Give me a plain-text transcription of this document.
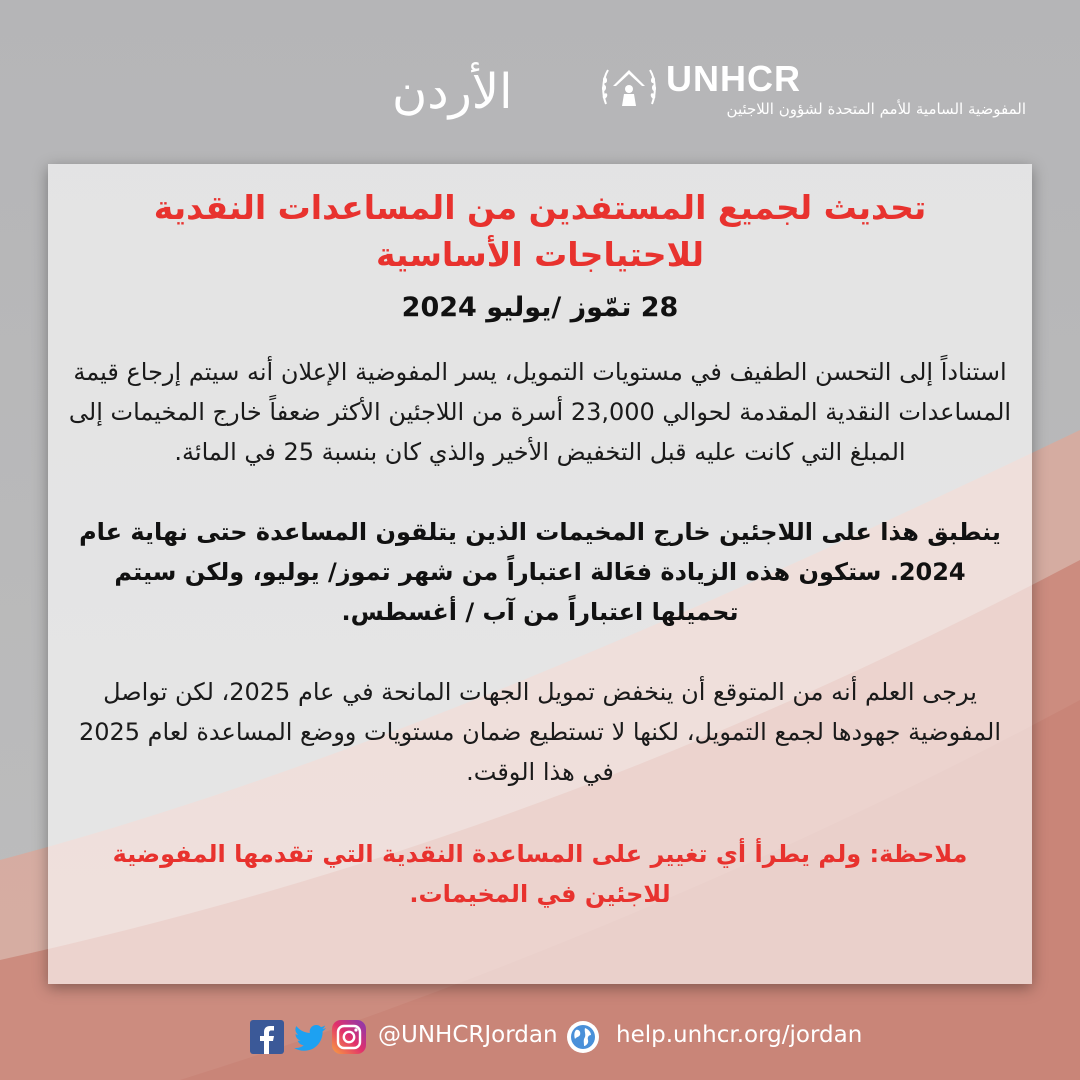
الأردن	UNHCR
المفوضية السامية للأمم المتحدة لشؤون اللاجئين
تحديث لجميع المستفدين من المساعدات النقدية للاحتياجات الأساسية
28 تمّوز /يوليو 2024
استناداً إلى التحسن الطفيف في مستويات التمويل، يسر المفوضية الإعلان أنه سيتم إرجاع قيمة المساعدات النقدية المقدمة لحوالي 23,000 أسرة من اللاجئين الأكثر ضعفاً خارج المخيمات إلى المبلغ التي كانت عليه قبل التخفيض الأخير والذي كان بنسبة 25 في المائة.
ينطبق هذا على اللاجئين خارج المخيمات الذين يتلقون المساعدة حتى نهاية عام 2024. ستكون هذه الزيادة فعَالة اعتباراً من شهر تموز/ يوليو، ولكن سيتم تحميلها اعتباراً من آب / أغسطس.
يرجى العلم أنه من المتوقع أن ينخفض تمويل الجهات المانحة في عام 2025، لكن تواصل المفوضية جهودها لجمع التمويل، لكنها لا تستطيع ضمان مستويات ووضع المساعدة لعام 2025 في هذا الوقت.
ملاحظة: ولم يطرأ أي تغيير على المساعدة النقدية التي تقدمها المفوضية للاجئين في المخيمات.
@UNHCRJordan	help.unhcr.org/jordan
